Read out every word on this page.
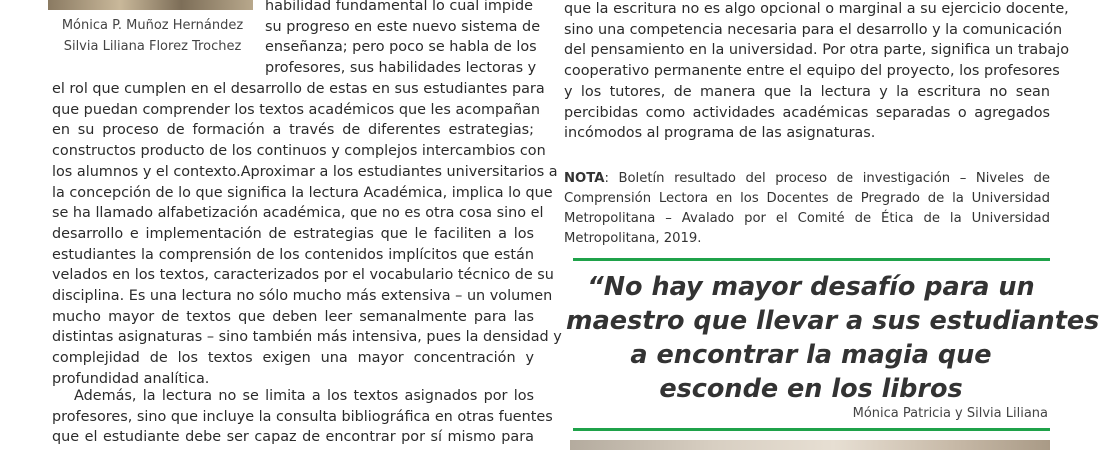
Mónica P. Muñoz Hernández
Silvia Liliana Florez Trochez
habilidad fundamental lo cual impide
su progreso en este nuevo sistema de
enseñanza; pero poco se habla de los
profesores, sus habilidades lectoras y
el rol que cumplen en el desarrollo de estas en sus estudiantes para
que puedan comprender los textos académicos que les acompañan
en su proceso de formación a través de diferentes estrategias;
constructos producto de los continuos y complejos intercambios con
los alumnos y el contexto.Aproximar a los estudiantes universitarios a
la concepción de lo que significa la lectura Académica, implica lo que
se ha llamado alfabetización académica, que no es otra cosa sino el
desarrollo e implementación de estrategias que le faciliten a los
estudiantes la comprensión de los contenidos implícitos que están
velados en los textos, caracterizados por el vocabulario técnico de su
disciplina. Es una lectura no sólo mucho más extensiva – un volumen
mucho mayor de textos que deben leer semanalmente para las
distintas asignaturas – sino también más intensiva, pues la densidad y
complejidad de los textos exigen una mayor concentración y
profundidad analítica.
Además, la lectura no se limita a los textos asignados por los
profesores, sino que incluye la consulta bibliográfica en otras fuentes
que el estudiante debe ser capaz de encontrar por sí mismo para
que la escritura no es algo opcional o marginal a su ejercicio docente,
sino una competencia necesaria para el desarrollo y la comunicación
del pensamiento en la universidad. Por otra parte, significa un trabajo
cooperativo permanente entre el equipo del proyecto, los profesores
y los tutores, de manera que la lectura y la escritura no sean
percibidas como actividades académicas separadas o agregados
incómodos al programa de las asignaturas.
NOTA: Boletín resultado del proceso de investigación – Niveles de
Comprensión Lectora en los Docentes de Pregrado de la Universidad
Metropolitana – Avalado por el Comité de Ética de la Universidad
Metropolitana, 2019.
“No hay mayor desafío para un
maestro que llevar a sus estudiantes
a encontrar la magia que
esconde en los libros
Mónica Patricia y Silvia Liliana
